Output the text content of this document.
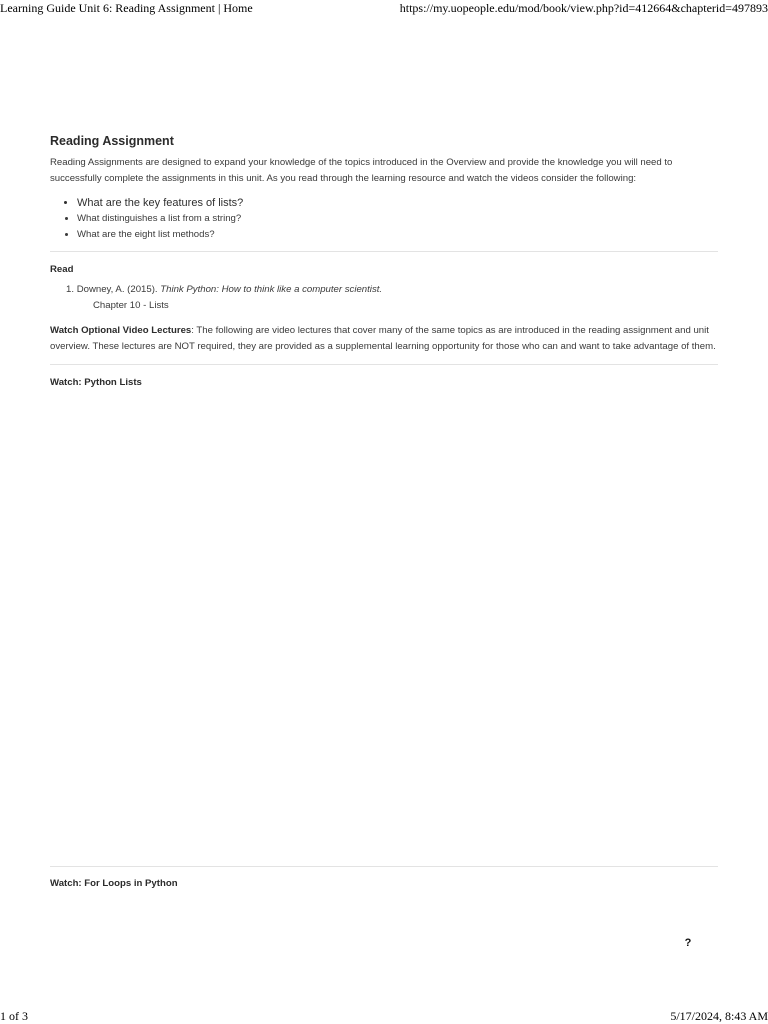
Learning Guide Unit 6: Reading Assignment | Home	https://my.uopeople.edu/mod/book/view.php?id=412664&chapterid=497893
Reading Assignment

Reading Assignments are designed to expand your knowledge of the topics introduced in the Overview and provide the knowledge you will need to successfully complete the assignments in this unit. As you read through the learning resource and watch the videos consider the following:

• What are the key features of lists?
• What distinguishes a list from a string?
• What are the eight list methods?
Read
1. Downey, A. (2015). Think Python: How to think like a computer scientist.
Chapter 10 - Lists

Watch Optional Video Lectures: The following are video lectures that cover many of the same topics as are introduced in the reading assignment and unit overview. These lectures are NOT required, they are provided as a supplemental learning opportunity for those who can and want to take advantage of them.

Watch: Python Lists
Watch: For Loops in Python
?
1 of 3	5/17/2024, 8:43 AM
